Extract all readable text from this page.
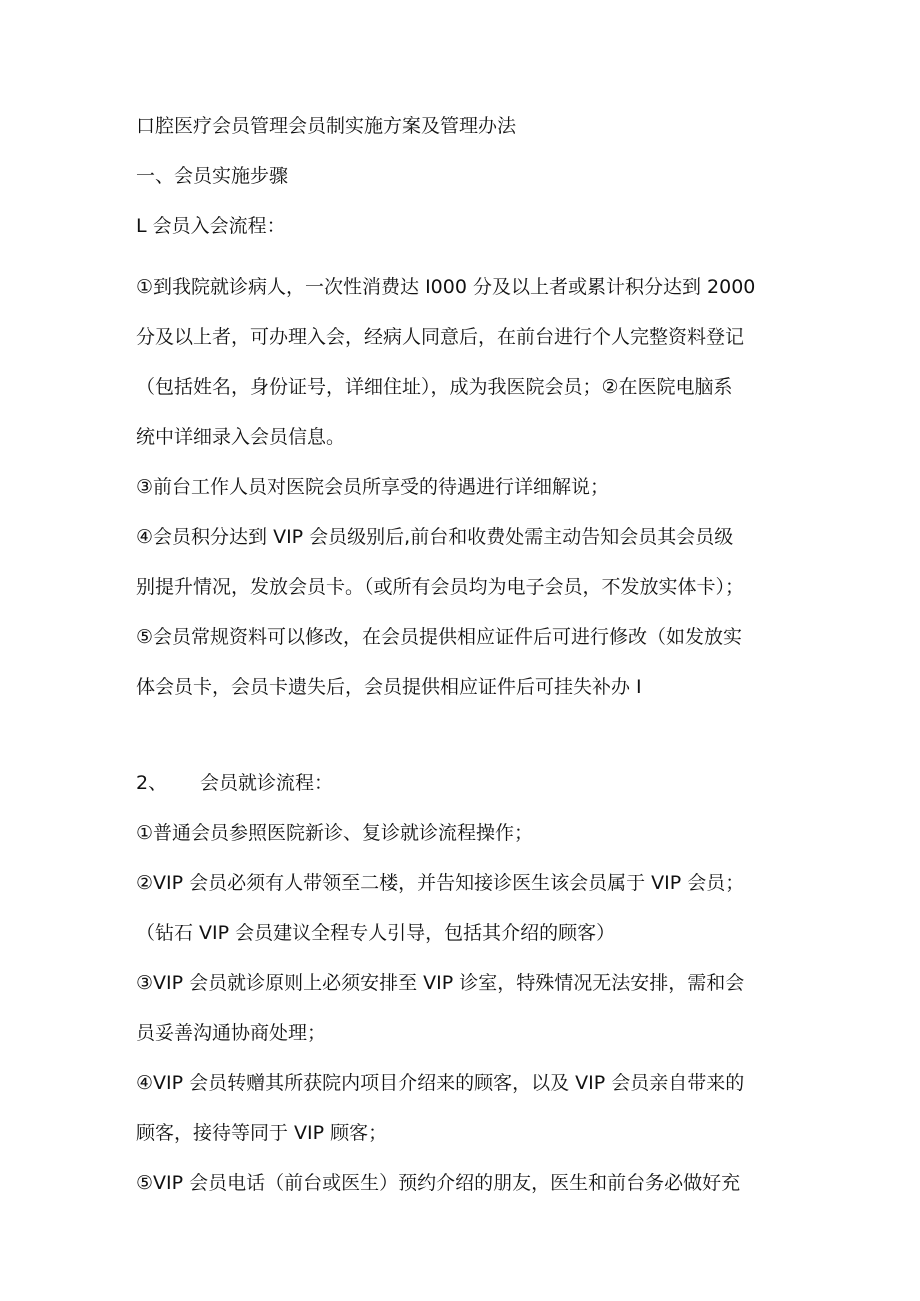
口腔医疗会员管理会员制实施方案及管理办法

一、会员实施步骤

L 会员入会流程：

①到我院就诊病人，一次性消费达 I000 分及以上者或累计积分达到 2000

分及以上者，可办理入会，经病人同意后，在前台进行个人完整资料登记

（包括姓名，身份证号，详细住址），成为我医院会员；②在医院电脑系

统中详细录入会员信息。

③前台工作人员对医院会员所享受的待遇进行详细解说；

④会员积分达到 VIP 会员级别后,前台和收费处需主动告知会员其会员级

别提升情况，发放会员卡。（或所有会员均为电子会员，不发放实体卡）；

⑤会员常规资料可以修改，在会员提供相应证件后可进行修改（如发放实

体会员卡，会员卡遗失后，会员提供相应证件后可挂失补办 I

2、 会员就诊流程：

①普通会员参照医院新诊、复诊就诊流程操作；

②VIP 会员必须有人带领至二楼，并告知接诊医生该会员属于 VIP 会员；

（钻石 VIP 会员建议全程专人引导，包括其介绍的顾客）

③VIP 会员就诊原则上必须安排至 VIP 诊室，特殊情况无法安排，需和会

员妥善沟通协商处理；

④VIP 会员转赠其所获院内项目介绍来的顾客，以及 VIP 会员亲自带来的

顾客，接待等同于 VIP 顾客；

⑤VIP 会员电话（前台或医生）预约介绍的朋友，医生和前台务必做好充
